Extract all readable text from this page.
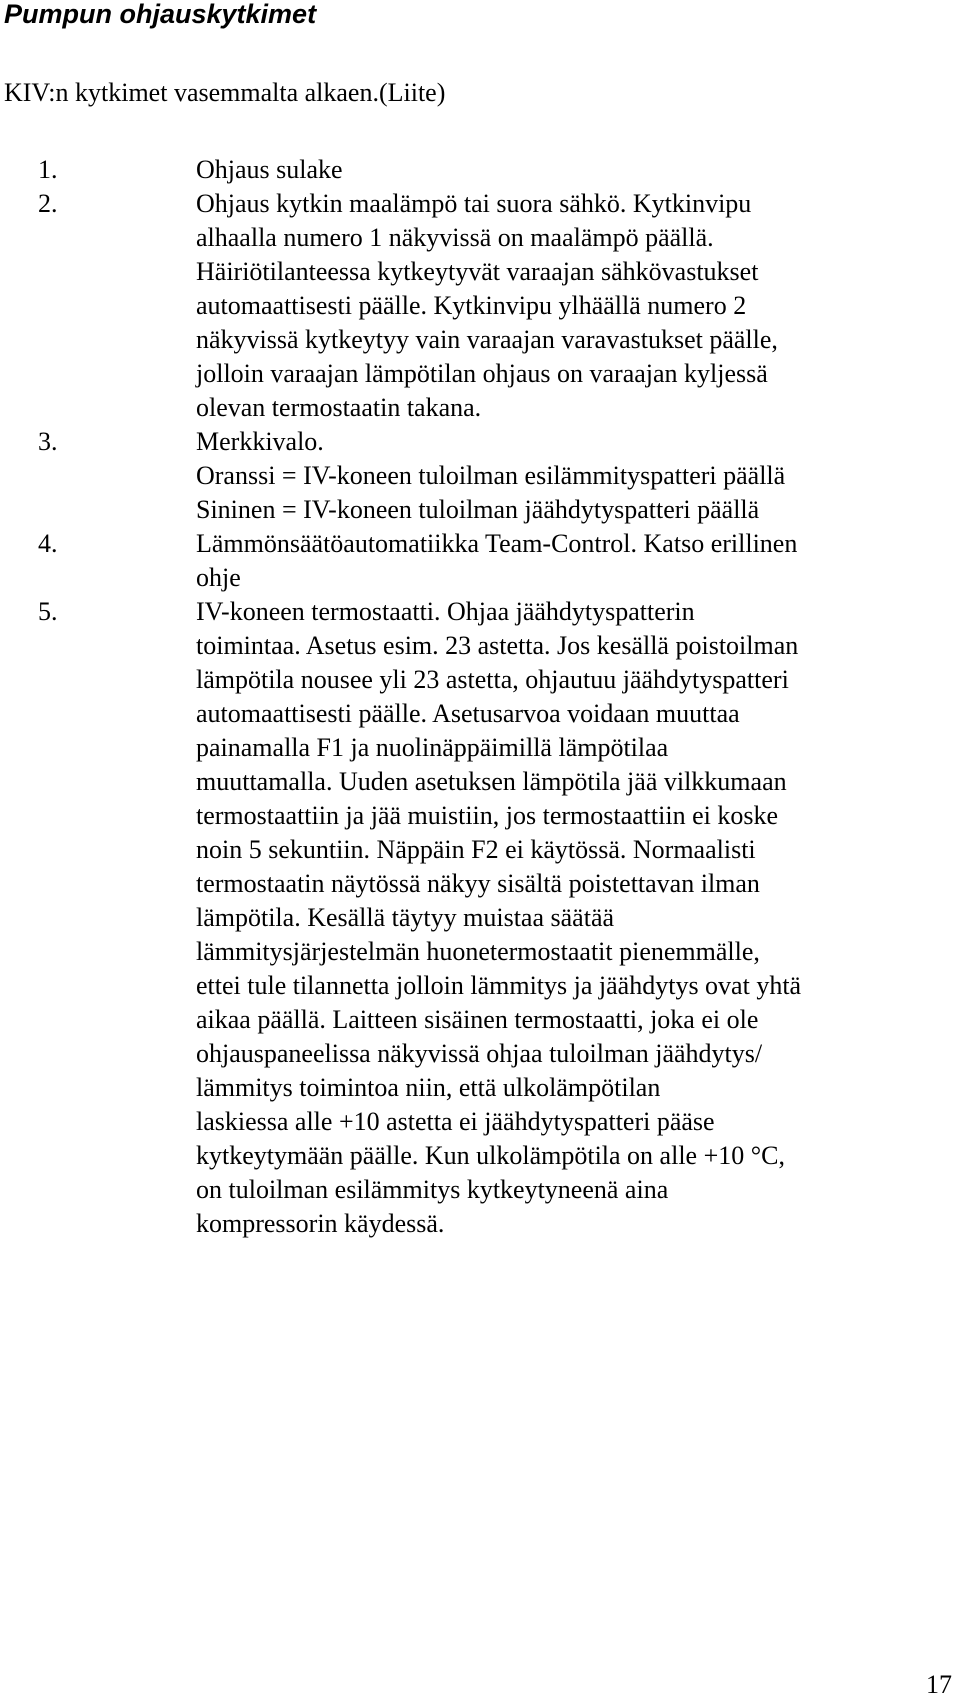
Pumpun ohjauskytkimet

KIV:n kytkimet vasemmalta alkaen.(Liite)

1.	Ohjaus sulake
2.	Ohjaus kytkin maalämpö tai suora sähkö. Kytkinvipu
alhaalla numero 1 näkyvissä on maalämpö päällä.
Häiriötilanteessa kytkeytyvät varaajan sähkövastukset
automaattisesti päälle. Kytkinvipu ylhäällä numero 2
näkyvissä kytkeytyy vain varaajan varavastukset päälle,
jolloin varaajan lämpötilan ohjaus on varaajan kyljessä
olevan termostaatin takana.
3.	Merkkivalo.
Oranssi = IV-koneen tuloilman esilämmityspatteri päällä
Sininen = IV-koneen tuloilman jäähdytyspatteri päällä
4.	Lämmönsäätöautomatiikka Team-Control. Katso erillinen
ohje
5.	IV-koneen termostaatti. Ohjaa jäähdytyspatterin
toimintaa. Asetus esim. 23 astetta. Jos kesällä poistoilman
lämpötila nousee yli 23 astetta, ohjautuu jäähdytyspatteri
automaattisesti päälle. Asetusarvoa voidaan muuttaa
painamalla F1 ja nuolinäppäimillä lämpötilaa
muuttamalla. Uuden asetuksen lämpötila jää vilkkumaan
termostaattiin ja jää muistiin, jos termostaattiin ei koske
noin 5 sekuntiin. Näppäin F2 ei käytössä. Normaalisti
termostaatin näytössä näkyy sisältä poistettavan ilman
lämpötila. Kesällä täytyy muistaa säätää
lämmitysjärjestelmän huonetermostaatit pienemmälle,
ettei tule tilannetta jolloin lämmitys ja jäähdytys ovat yhtä
aikaa päällä. Laitteen sisäinen termostaatti, joka ei ole
ohjauspaneelissa näkyvissä ohjaa tuloilman jäähdytys/
lämmitys toimintoa niin, että ulkolämpötilan
laskiessa alle +10 astetta ei jäähdytyspatteri pääse
kytkeytymään päälle. Kun ulkolämpötila on alle +10 °C,
on tuloilman esilämmitys kytkeytyneenä aina
kompressorin käydessä.
17
